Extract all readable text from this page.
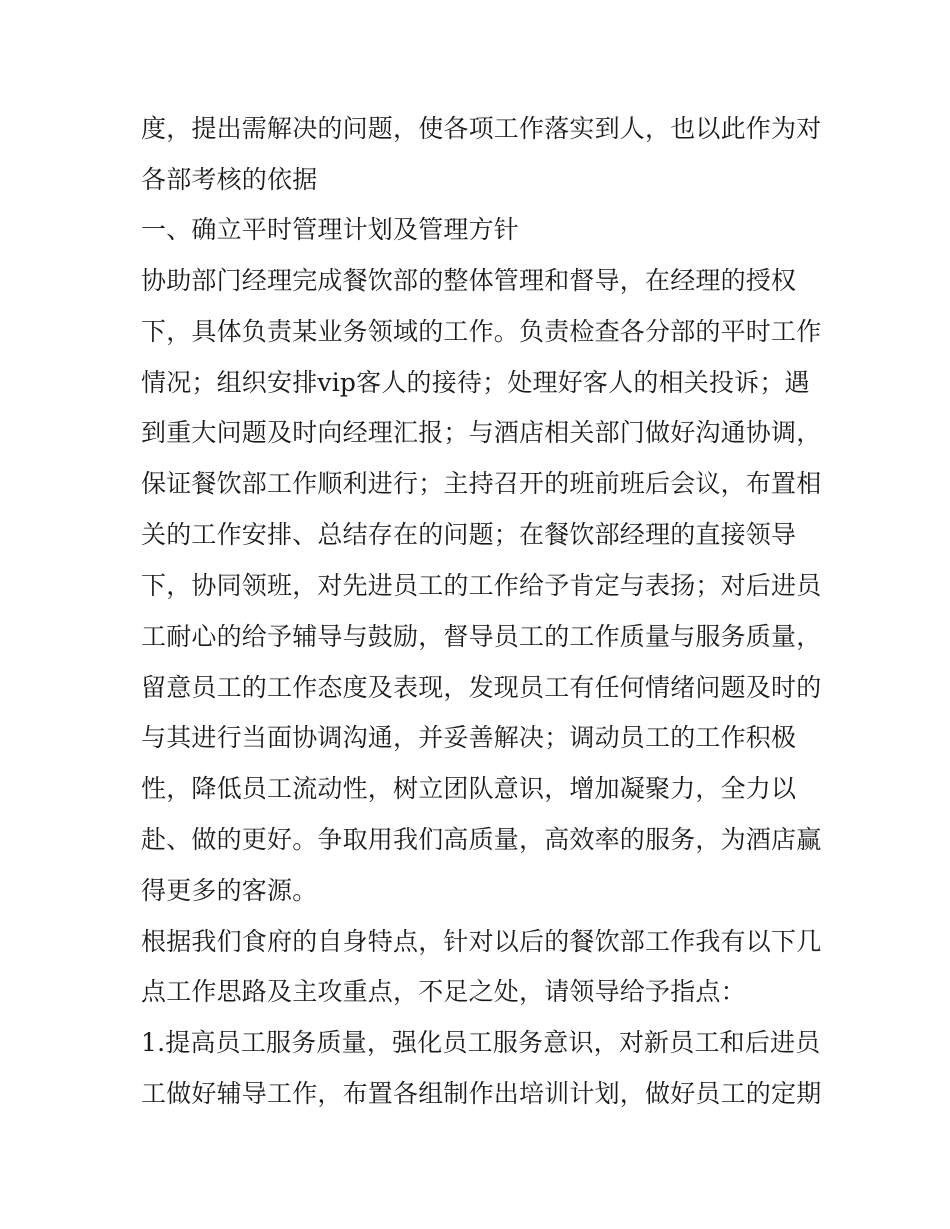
度，提出需解决的问题，使各项工作落实到人，也以此作为对
各部考核的依据
一、确立平时管理计划及管理方针
协助部门经理完成餐饮部的整体管理和督导，在经理的授权
下，具体负责某业务领域的工作。负责检查各分部的平时工作
情况；组织安排vip客人的接待；处理好客人的相关投诉；遇
到重大问题及时向经理汇报；与酒店相关部门做好沟通协调，
保证餐饮部工作顺利进行；主持召开的班前班后会议，布置相
关的工作安排、总结存在的问题；在餐饮部经理的直接领导
下，协同领班，对先进员工的工作给予肯定与表扬；对后进员
工耐心的给予辅导与鼓励，督导员工的工作质量与服务质量，
留意员工的工作态度及表现，发现员工有任何情绪问题及时的
与其进行当面协调沟通，并妥善解决；调动员工的工作积极
性，降低员工流动性，树立团队意识，增加凝聚力，全力以
赴、做的更好。争取用我们高质量，高效率的服务，为酒店赢
得更多的客源。
根据我们食府的自身特点，针对以后的餐饮部工作我有以下几
点工作思路及主攻重点，不足之处，请领导给予指点：
1.提高员工服务质量，强化员工服务意识，对新员工和后进员
工做好辅导工作，布置各组制作出培训计划，做好员工的定期
